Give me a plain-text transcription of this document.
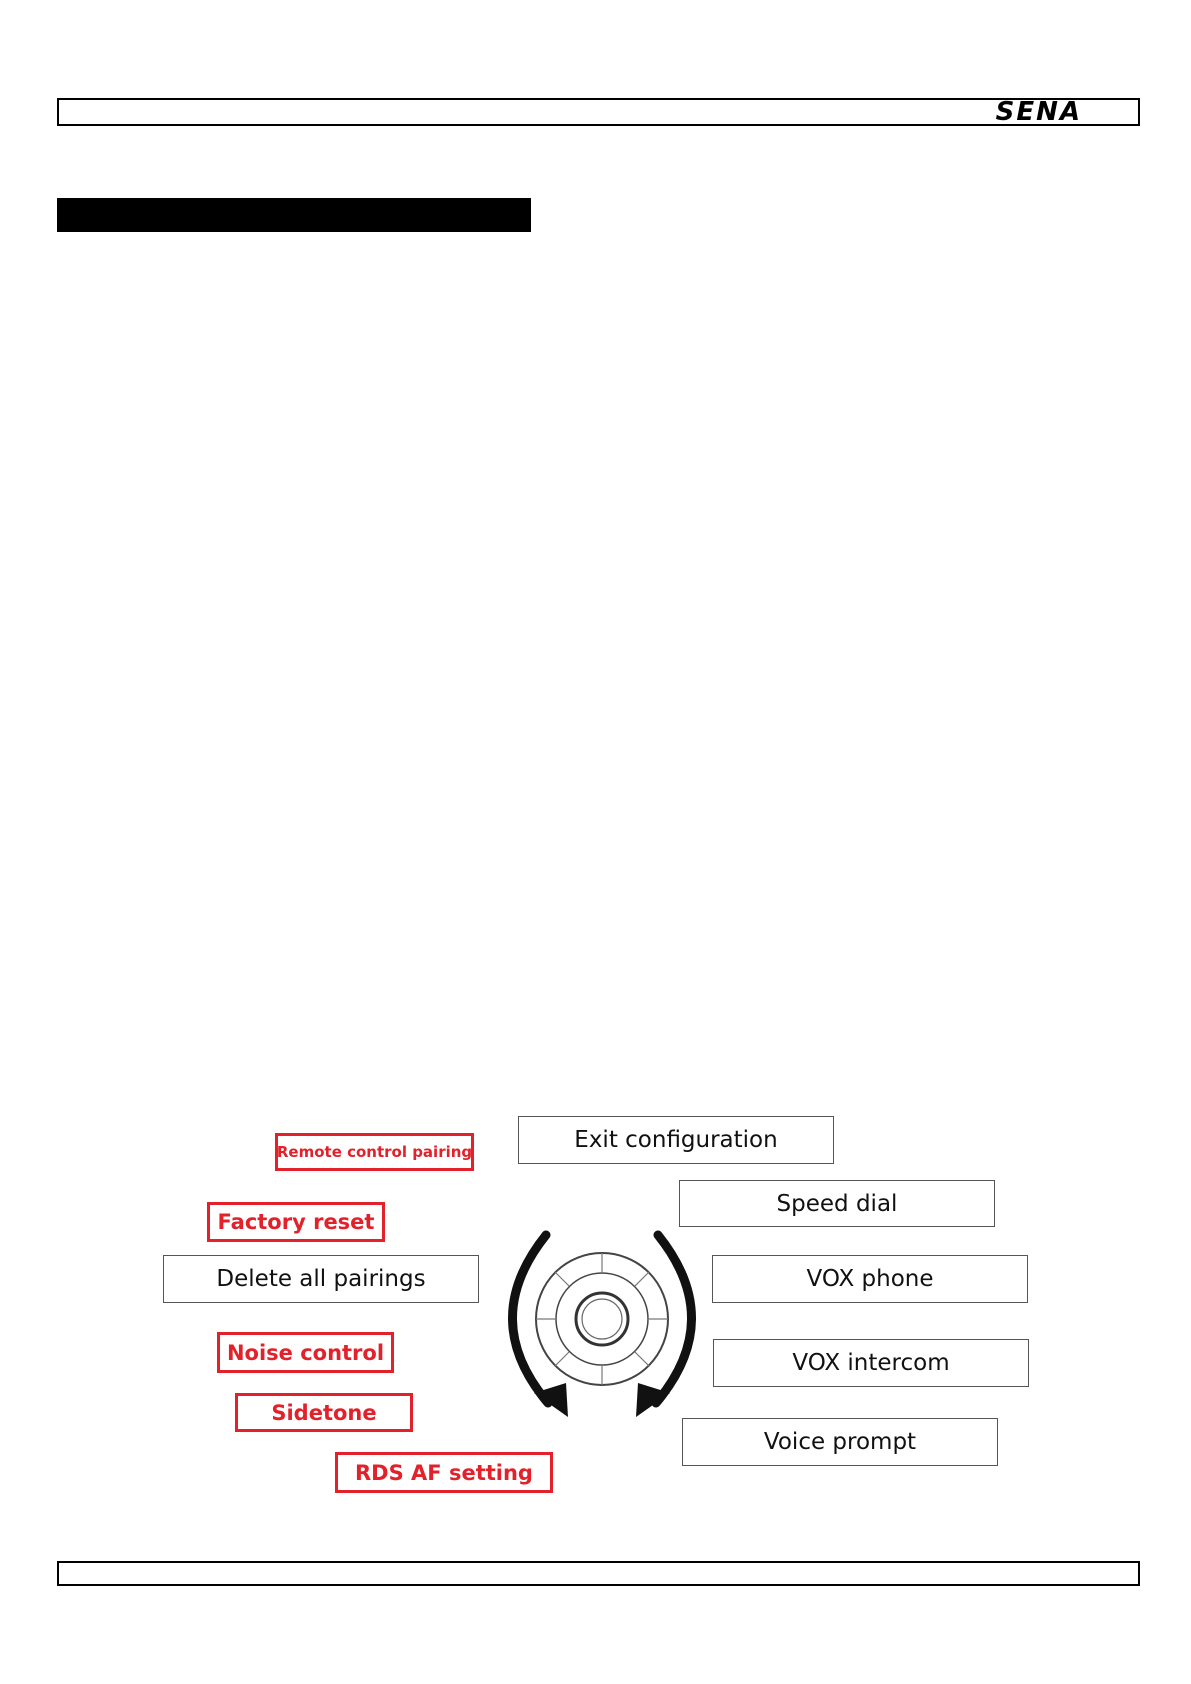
SENA
Remote control pairing
Factory reset
Noise control
Sidetone
RDS AF setting
Exit configuration
Speed dial
VOX phone
VOX intercom
Voice prompt
Delete all pairings
